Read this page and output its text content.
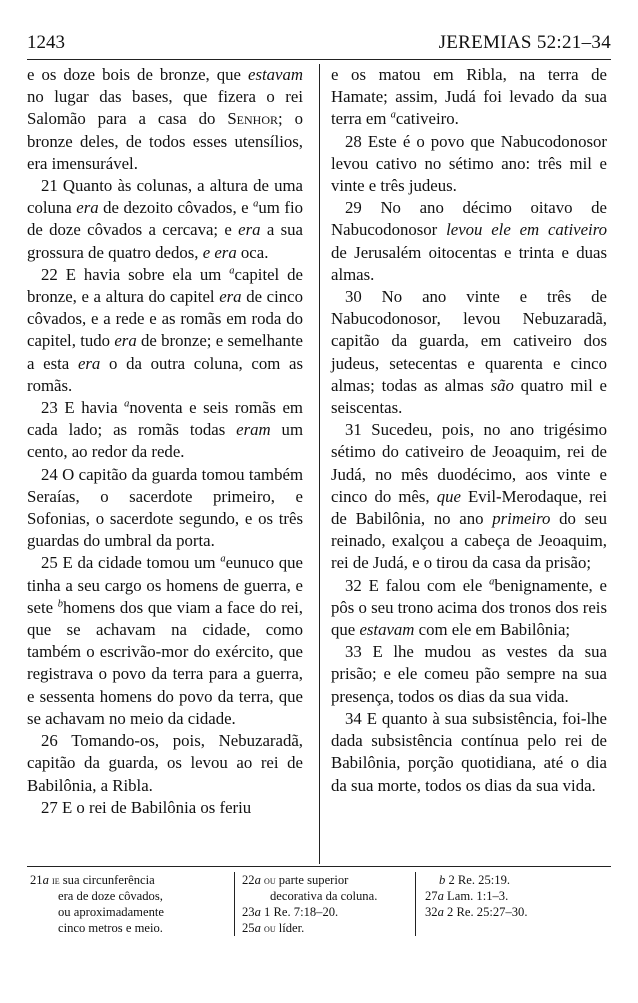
1243	JEREMIAS 52:21–34

e os doze bois de bronze, que estavam no lugar das bases, que fizera o rei Salomão para a casa do Senhor; o bronze deles, de todos esses utensílios, era imensurável.

21 Quanto às colunas, a altura de uma coluna era de dezoito côvados, e $^a$um fio de doze côvados a cercava; e era a sua grossura de quatro dedos, e era oca.

22 E havia sobre ela um $^a$capitel de bronze, e a altura do capitel era de cinco côvados, e a rede e as romãs em roda do capitel, tudo era de bronze; e semelhante a esta era o da outra coluna, com as romãs.

23 E havia $^a$noventa e seis romãs em cada lado; as romãs todas eram um cento, ao redor da rede.

24 O capitão da guarda tomou também Seraías, o sacerdote primeiro, e Sofonias, o sacerdote segundo, e os três guardas do umbral da porta.

25 E da cidade tomou um $^a$eunuco que tinha a seu cargo os homens de guerra, e sete $^b$homens dos que viam a face do rei, que se achavam na cidade, como também o escrivão-mor do exército, que registrava o povo da terra para a guerra, e sessenta homens do povo da terra, que se achavam no meio da cidade.

26 Tomando-os, pois, Nebuzaradã, capitão da guarda, os levou ao rei de Babilônia, a Ribla.

27 E o rei de Babilônia os feriu

e os matou em Ribla, na terra de Hamate; assim, Judá foi levado da sua terra em $^a$cativeiro.

28 Este é o povo que Nabucodonosor levou cativo no sétimo ano: três mil e vinte e três judeus.

29 No ano décimo oitavo de Nabucodonosor levou ele em cativeiro de Jerusalém oitocentas e trinta e duas almas.

30 No ano vinte e três de Nabucodonosor, levou Nebuzaradã, capitão da guarda, em cativeiro dos judeus, setecentas e quarenta e cinco almas; todas as almas são quatro mil e seiscentas.

31 Sucedeu, pois, no ano trigésimo sétimo do cativeiro de Jeoaquim, rei de Judá, no mês duodécimo, aos vinte e cinco do mês, que Evil-Merodaque, rei de Babilônia, no ano primeiro do seu reinado, exalçou a cabeça de Jeoaquim, rei de Judá, e o tirou da casa da prisão;

32 E falou com ele $^a$benignamente, e pôs o seu trono acima dos tronos dos reis que estavam com ele em Babilônia;

33 E lhe mudou as vestes da sua prisão; e ele comeu pão sempre na sua presença, todos os dias da sua vida.

34 E quanto à sua subsistência, foi-lhe dada subsistência contínua pelo rei de Babilônia, porção quotidiana, até o dia da sua morte, todos os dias da sua vida.

21a ie sua circunferência
era de doze côvados,
ou aproximadamente
cinco metros e meio.
22a ou parte superior
decorativa da coluna.
23a 1 Re. 7:18–20.
25a ou líder.
b 2 Re. 25:19.
27a Lam. 1:1–3.
32a 2 Re. 25:27–30.
